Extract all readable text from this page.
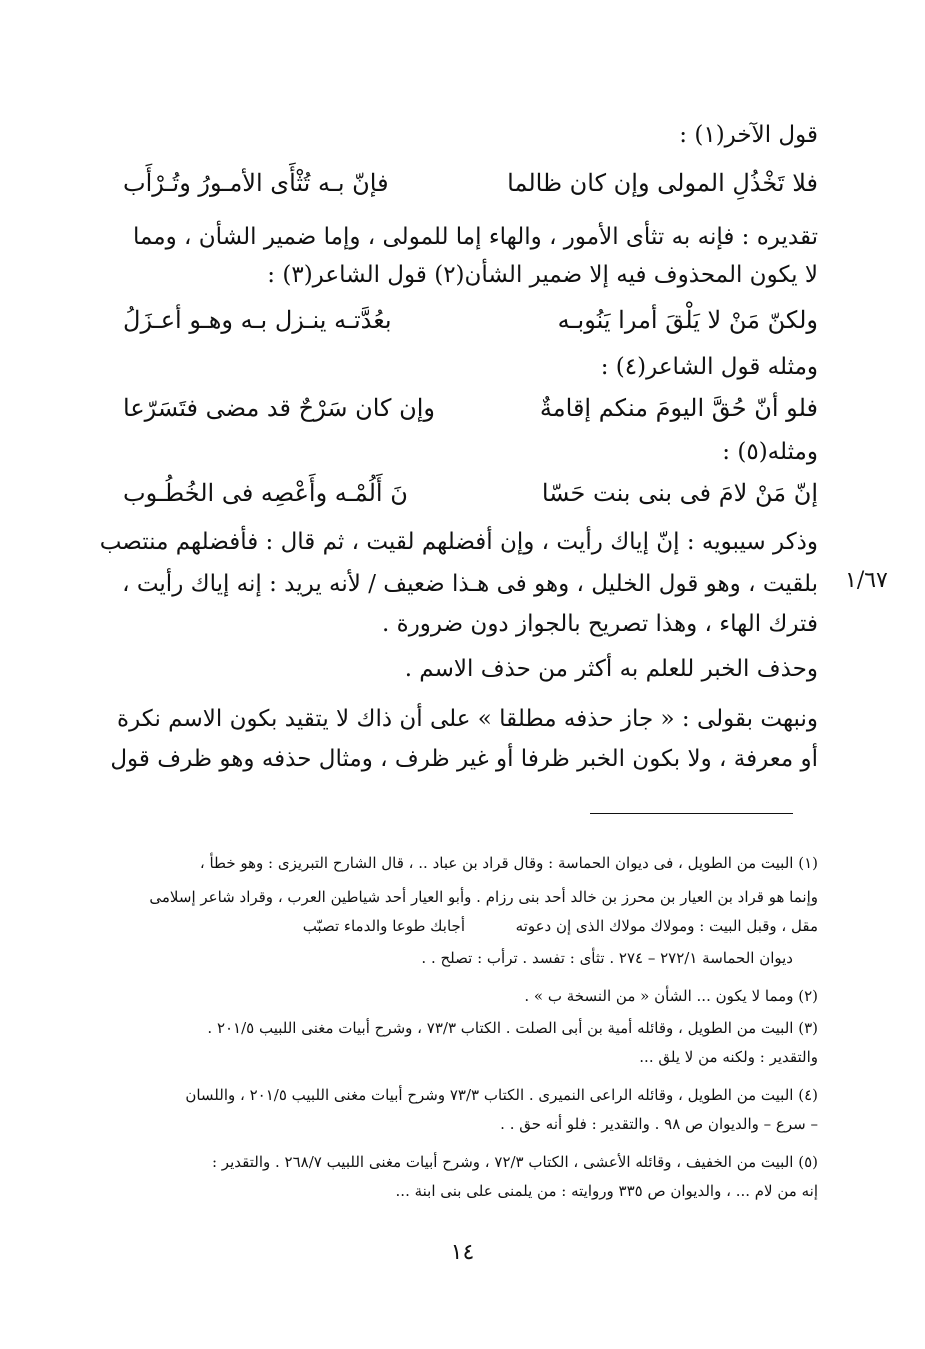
قول الآخر(١) :
فلا تَخْذُلِ المولى وإن كان ظالما
فإنّ بـه تُثْأَى الأمـورُ وتُـرْأَب
تقديره : فإنه به تثأى الأمور ، والهاء إما للمولى ، وإما ضمير الشأن ، ومما
لا يكون المحذوف فيه إلا ضمير الشأن(٢) قول الشاعر(٣) :
ولكنّ مَنْ لا يَلْقَ أمرا يَنُوبـه
بعُدَّتـه ينـزل بـه وهـو أعـزَلُ
ومثله قول الشاعر(٤) :
فلو أنّ حُقَّ اليومَ منكم إقامةٌ
وإن كان سَرْحٌ قد مضى فتَسَرّعا
ومثله(٥) :
إنّ مَنْ لامَ فى بنى بنت حَسّا
نَ أَلُمْـه وأَعْصِه فى الخُطُـوب
وذكر سيبويه : إنّ إياك رأيت ، وإن أفضلهم لقيت ، ثم قال : فأفضلهم منتصب
بلقيت ، وهو قول الخليل ، وهو فى هـذا ضعيف / لأنه يريد : إنه إياك رأيت ،
فترك الهاء ، وهذا تصريح بالجواز دون ضرورة .
وحذف الخبر للعلم به أكثر من حذف الاسم .
ونبهت بقولى : « جاز حذفه مطلقا » على أن ذاك لا يتقيد بكون الاسم نكرة
أو معرفة ، ولا بكون الخبر ظرفا أو غير ظرف ، ومثال حذفه وهو ظرف قول
١/٦٧
(١) البيت من الطويل ، فى ديوان الحماسة : وقال قراد بن عباد .. ، قال الشارح التبريزى : وهو خطأ ،
وإنما هو قراد بن العيار بن محرز بن خالد أحد بنى رزام . وأبو العيار أحد شياطين العرب ، وقراد شاعر إسلامى
مقل ، وقبل البيت : ومولاك مولاك الذى إن دعوته
أجابك طوعا والدماء تصبّب
ديوان الحماسة ٢٧٢/١ – ٢٧٤ . تثأى : تفسد . ترأب : تصلح . .
(٢) ومما لا يكون ... الشأن « من النسخة ب » .
(٣) البيت من الطويل ، وقائله أمية بن أبى الصلت . الكتاب ٧٣/٣ ، وشرح أبيات مغنى اللبيب ٢٠١/٥ .
والتقدير : ولكنه من لا يلق ...
(٤) البيت من الطويل ، وقائله الراعى النميرى . الكتاب ٧٣/٣ وشرح أبيات مغنى اللبيب ٢٠١/٥ ، واللسان
– سرع – والديوان ص ٩٨ . والتقدير : فلو أنه حق . .
(٥) البيت من الخفيف ، وقائله الأعشى ، الكتاب ٧٢/٣ ، وشرح أبيات مغنى اللبيب ٢٦٨/٧ . والتقدير :
إنه من لام ... ، والديوان ص ٣٣٥ وروايته : من يلمنى على بنى ابنة ...
١٤
